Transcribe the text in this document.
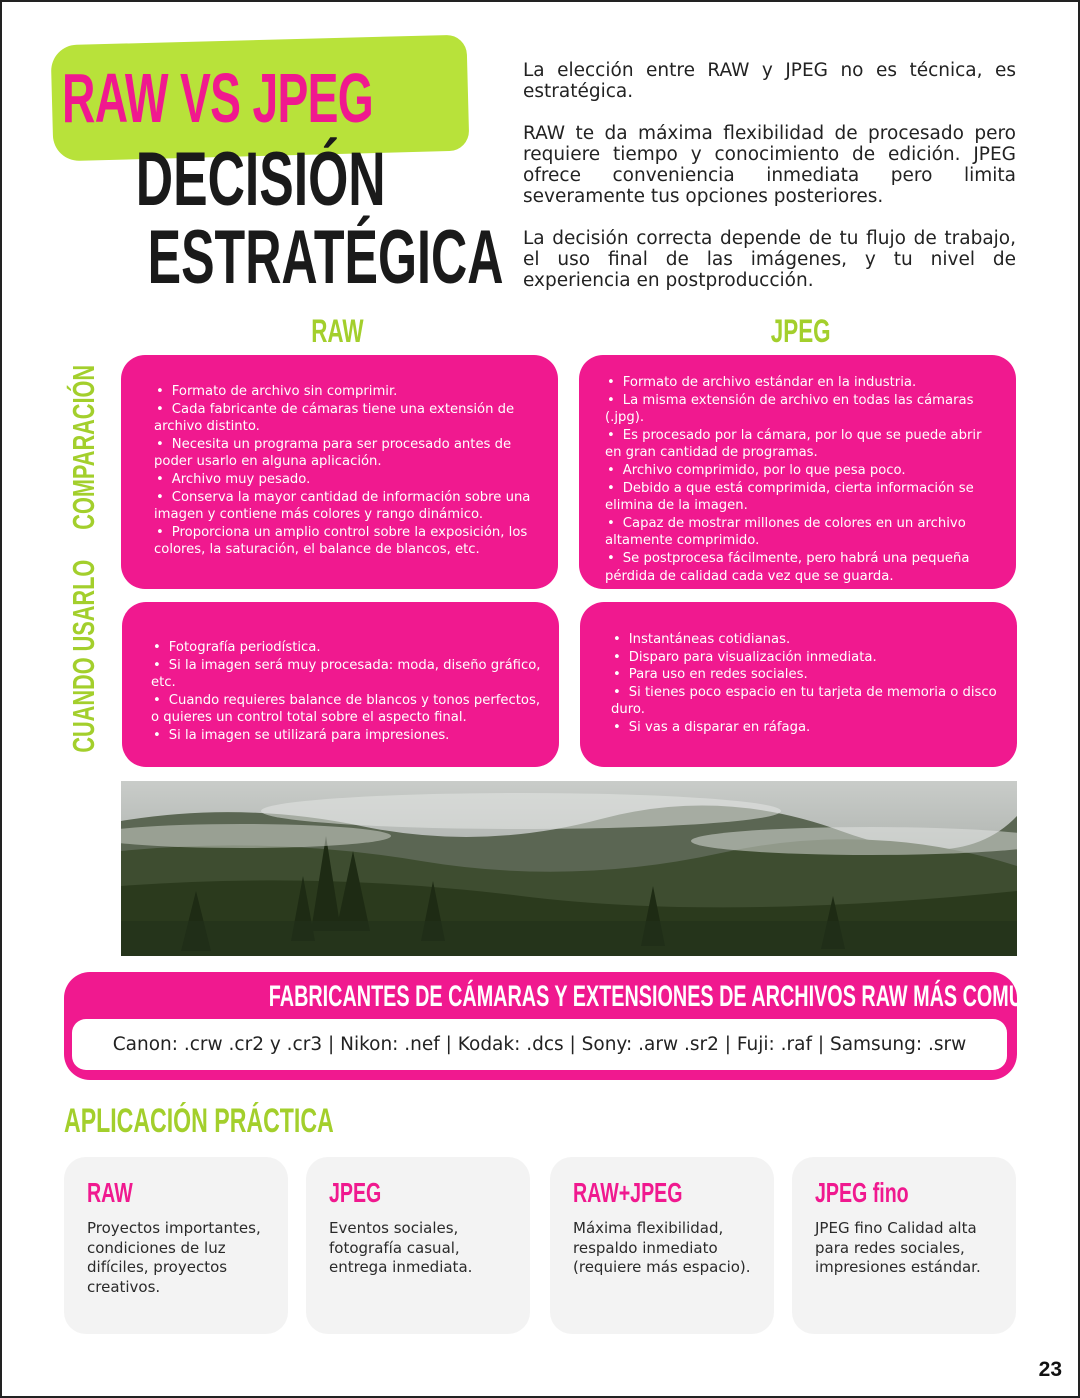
RAW VS JPEG
DECISIÓN
ESTRATÉGICA

La elección entre RAW y JPEG no es técnica, es estratégica.

RAW te da máxima flexibilidad de procesado pero requiere tiempo y conocimiento de edición. JPEG ofrece conveniencia inmediata pero limita severamente tus opciones posteriores.

La decisión correcta depende de tu flujo de trabajo, el uso final de las imágenes, y tu nivel de experiencia en postproducción.

RAW	JPEG
COMPARACIÓN
CUANDO USARLO
• Formato de archivo sin comprimir.
• Cada fabricante de cámaras tiene una extensión de archivo distinto.
• Necesita un programa para ser procesado antes de poder usarlo en alguna aplicación.
• Archivo muy pesado.
• Conserva la mayor cantidad de información sobre una imagen y contiene más colores y rango dinámico.
• Proporciona un amplio control sobre la exposición, los colores, la saturación, el balance de blancos, etc.
• Formato de archivo estándar en la industria.
• La misma extensión de archivo en todas las cámaras (.jpg).
• Es procesado por la cámara, por lo que se puede abrir en gran cantidad de programas.
• Archivo comprimido, por lo que pesa poco.
• Debido a que está comprimida, cierta información se elimina de la imagen.
• Capaz de mostrar millones de colores en un archivo altamente comprimido.
• Se postprocesa fácilmente, pero habrá una pequeña pérdida de calidad cada vez que se guarda.
• Fotografía periodística.
• Si la imagen será muy procesada: moda, diseño gráfico, etc.
• Cuando requieres balance de blancos y tonos perfectos, o quieres un control total sobre el aspecto final.
• Si la imagen se utilizará para impresiones.
• Instantáneas cotidianas.
• Disparo para visualización inmediata.
• Para uso en redes sociales.
• Si tienes poco espacio en tu tarjeta de memoria o disco duro.
• Si vas a disparar en ráfaga.
FABRICANTES DE CÁMARAS Y EXTENSIONES DE ARCHIVOS RAW MÁS COMUNES
Canon: .crw .cr2 y .cr3 | Nikon: .nef | Kodak: .dcs | Sony: .arw .sr2 | Fuji: .raf | Samsung: .srw
APLICACIÓN PRÁCTICA
RAW
Proyectos importantes, condiciones de luz difíciles, proyectos creativos.
JPEG
Eventos sociales, fotografía casual, entrega inmediata.
RAW+JPEG
Máxima flexibilidad, respaldo inmediato (requiere más espacio).
JPEG fino
JPEG fino Calidad alta para redes sociales, impresiones estándar.
23
